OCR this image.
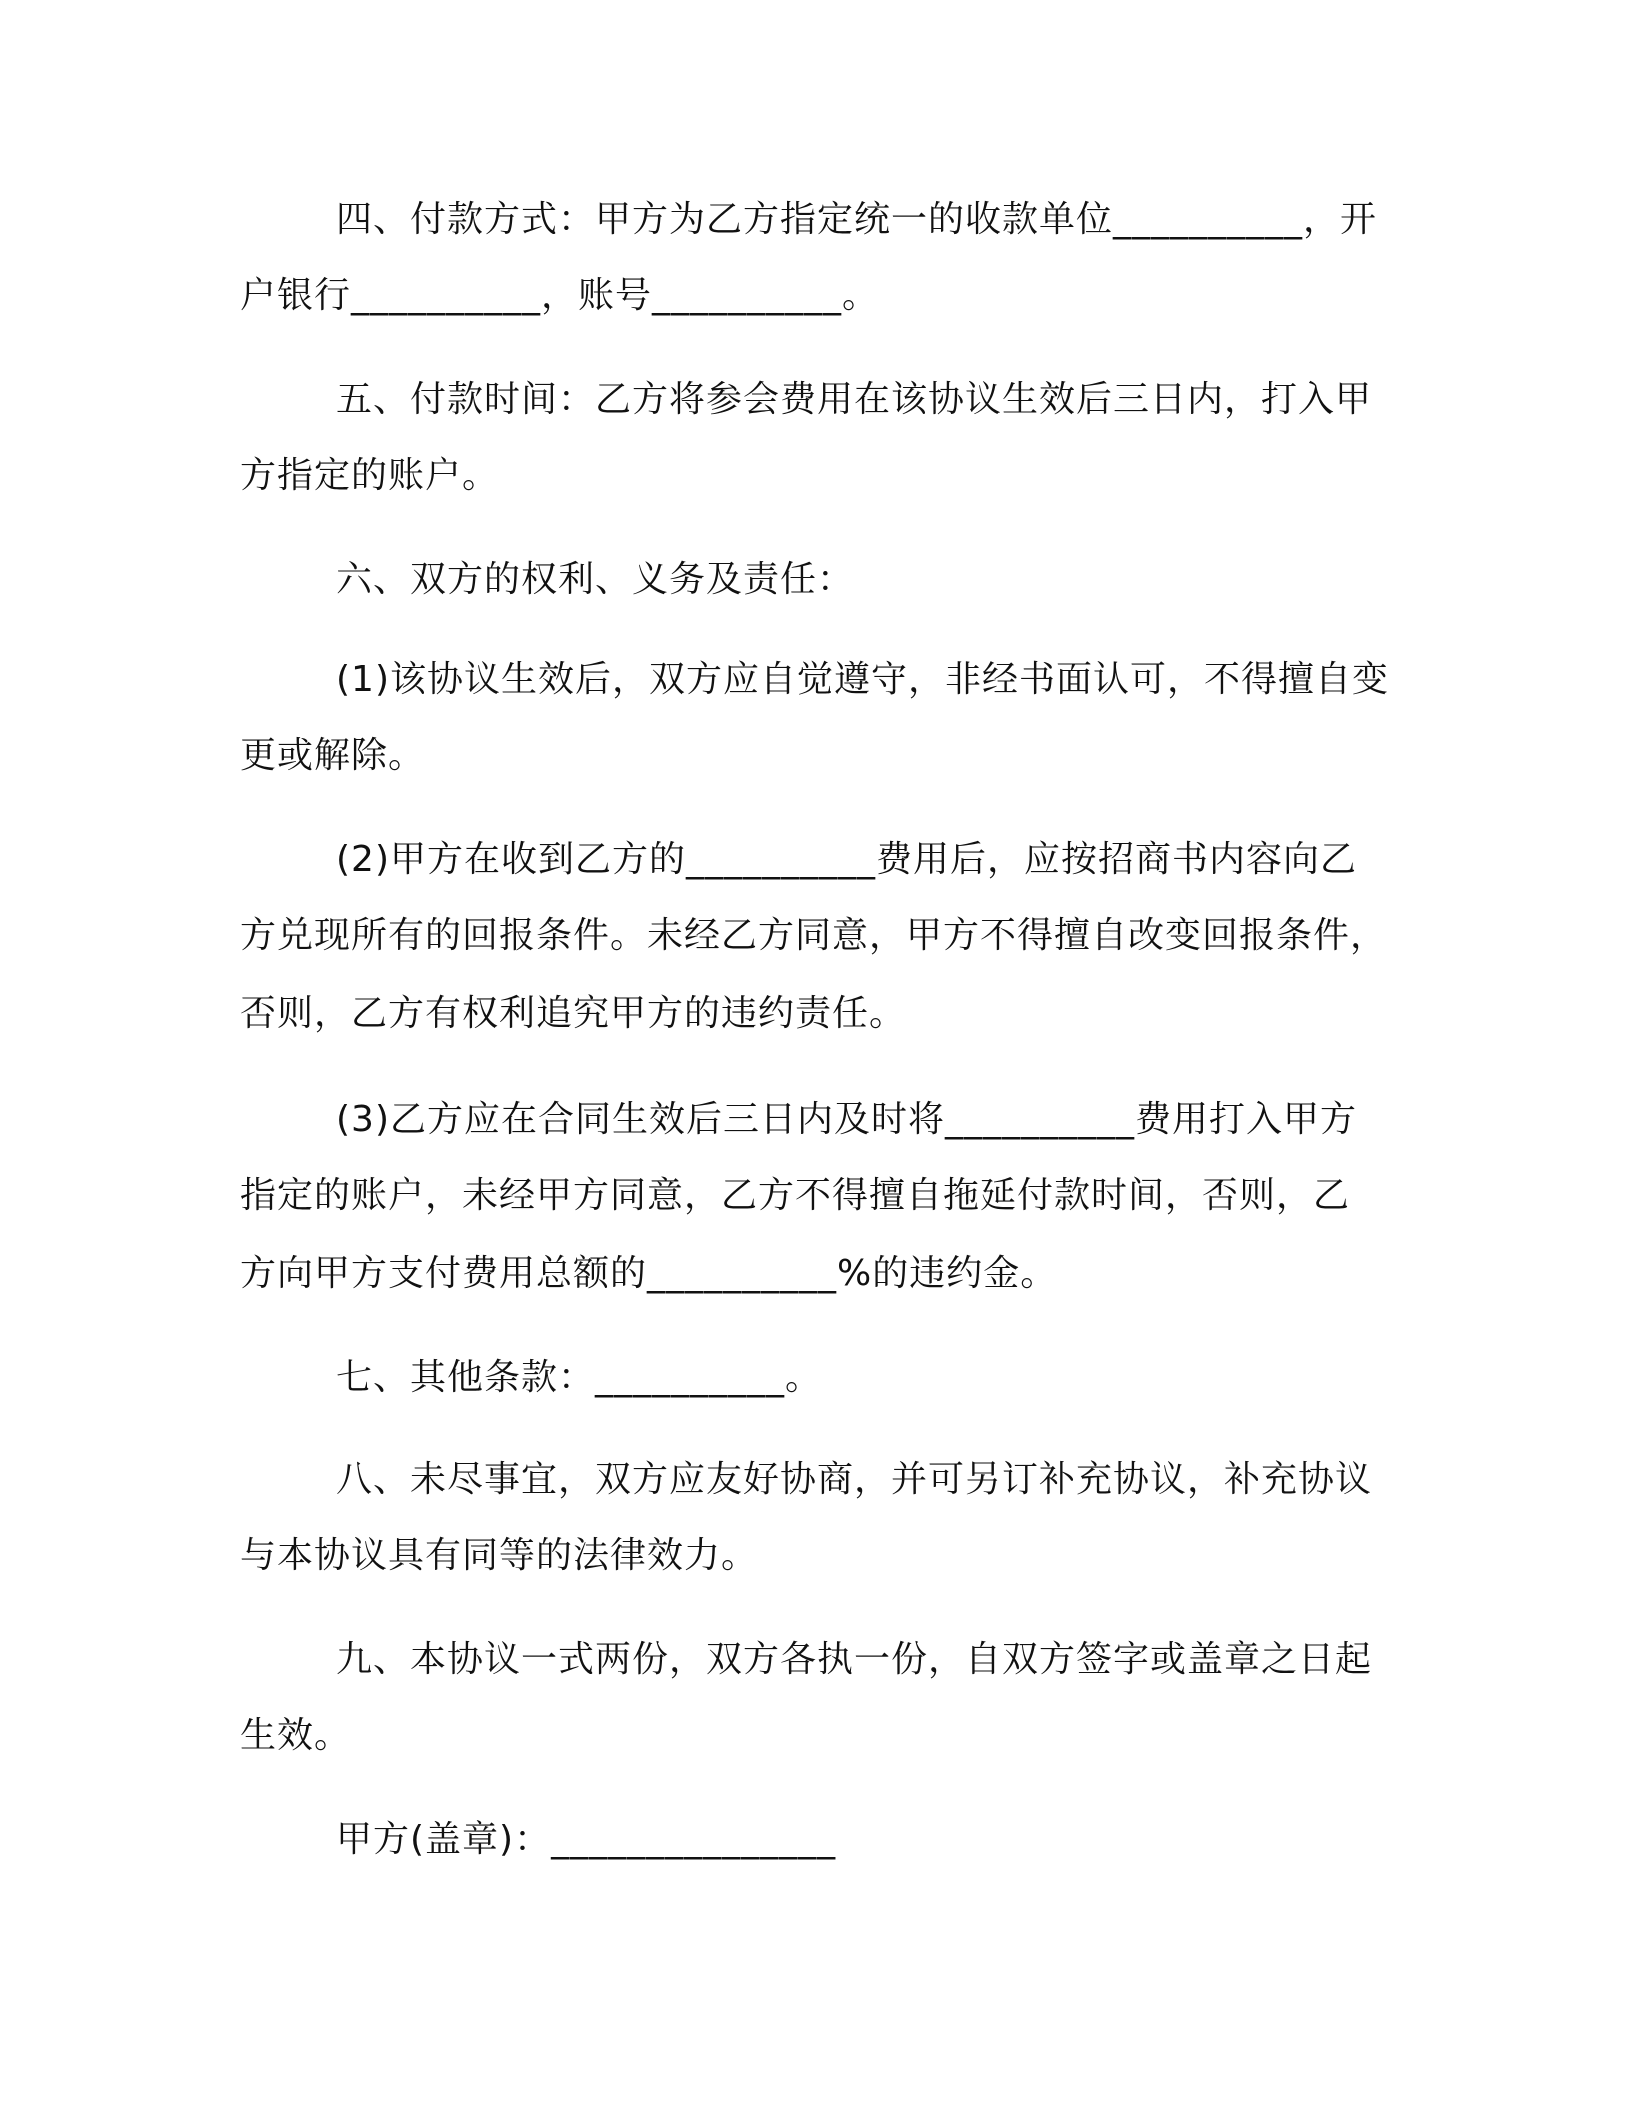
四、付款方式：甲方为乙方指定统一的收款单位__________，开
户银行__________，账号__________。
五、付款时间：乙方将参会费用在该协议生效后三日内，打入甲
方指定的账户。
六、双方的权利、义务及责任：
(1)该协议生效后，双方应自觉遵守，非经书面认可，不得擅自变
更或解除。
(2)甲方在收到乙方的__________费用后，应按招商书内容向乙
方兑现所有的回报条件。未经乙方同意，甲方不得擅自改变回报条件，
否则，乙方有权利追究甲方的违约责任。
(3)乙方应在合同生效后三日内及时将__________费用打入甲方
指定的账户，未经甲方同意，乙方不得擅自拖延付款时间，否则，乙
方向甲方支付费用总额的__________%的违约金。
七、其他条款：__________。
八、未尽事宜，双方应友好协商，并可另订补充协议，补充协议
与本协议具有同等的法律效力。
九、本协议一式两份，双方各执一份，自双方签字或盖章之日起
生效。
甲方(盖章)：_______________
